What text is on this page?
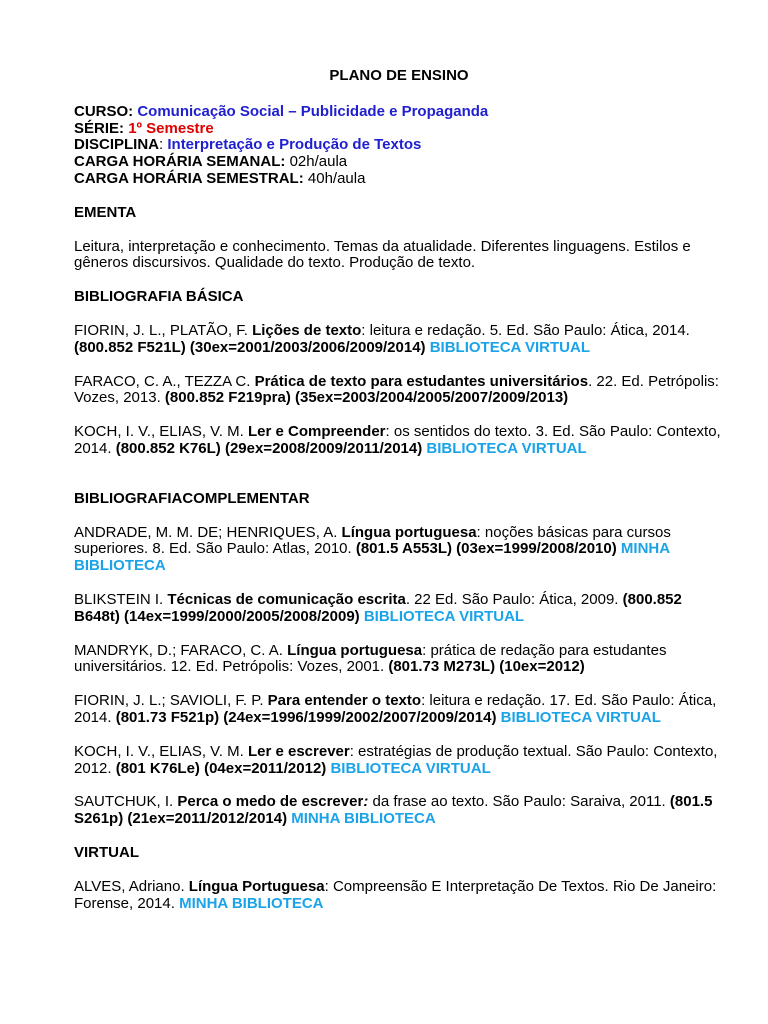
PLANO DE ENSINO

CURSO: Comunicação Social – Publicidade e Propaganda

SÉRIE: 1º Semestre

DISCIPLINA: Interpretação e Produção de Textos

CARGA HORÁRIA SEMANAL: 02h/aula

CARGA HORÁRIA SEMESTRAL: 40h/aula

EMENTA

Leitura, interpretação e conhecimento. Temas da atualidade. Diferentes linguagens. Estilos e gêneros discursivos. Qualidade do texto. Produção de texto.

BIBLIOGRAFIA BÁSICA

FIORIN, J. L., PLATÃO, F. Lições de texto: leitura e redação. 5. Ed. São Paulo: Ática, 2014. (800.852 F521L) (30ex=2001/2003/2006/2009/2014) BIBLIOTECA VIRTUAL

FARACO, C. A., TEZZA C. Prática de texto para estudantes universitários. 22. Ed. Petrópolis: Vozes, 2013. (800.852 F219pra) (35ex=2003/2004/2005/2007/2009/2013)

KOCH, I. V., ELIAS, V. M. Ler e Compreender: os sentidos do texto. 3. Ed. São Paulo: Contexto, 2014. (800.852 K76L) (29ex=2008/2009/2011/2014) BIBLIOTECA VIRTUAL

BIBLIOGRAFIACOMPLEMENTAR

ANDRADE, M. M. DE; HENRIQUES, A. Língua portuguesa: noções básicas para cursos superiores. 8. Ed. São Paulo: Atlas, 2010. (801.5 A553L) (03ex=1999/2008/2010) MINHA BIBLIOTECA

BLIKSTEIN I. Técnicas de comunicação escrita. 22 Ed. São Paulo: Ática, 2009. (800.852 B648t) (14ex=1999/2000/2005/2008/2009) BIBLIOTECA VIRTUAL

MANDRYK, D.; FARACO, C. A. Língua portuguesa: prática de redação para estudantes universitários. 12. Ed. Petrópolis: Vozes, 2001. (801.73 M273L) (10ex=2012)

FIORIN, J. L.; SAVIOLI, F. P. Para entender o texto: leitura e redação. 17. Ed. São Paulo: Ática, 2014. (801.73 F521p) (24ex=1996/1999/2002/2007/2009/2014) BIBLIOTECA VIRTUAL

KOCH, I. V., ELIAS, V. M. Ler e escrever: estratégias de produção textual. São Paulo: Contexto, 2012. (801 K76Le) (04ex=2011/2012) BIBLIOTECA VIRTUAL

SAUTCHUK, I. Perca o medo de escrever: da frase ao texto. São Paulo: Saraiva, 2011. (801.5 S261p) (21ex=2011/2012/2014) MINHA BIBLIOTECA

VIRTUAL

ALVES, Adriano. Língua Portuguesa: Compreensão E Interpretação De Textos. Rio De Janeiro: Forense, 2014. MINHA BIBLIOTECA
